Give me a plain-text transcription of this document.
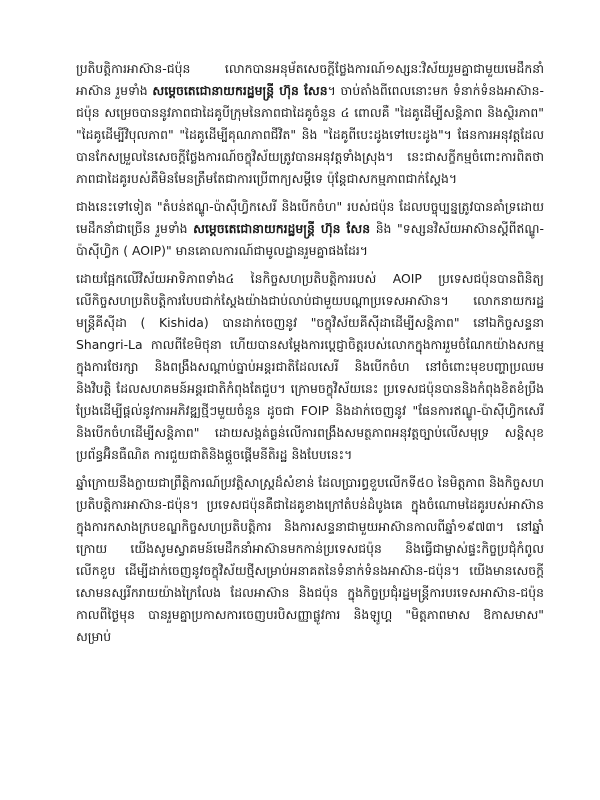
ប្រតិបត្តិការអាស៊ាន-ជប៉ុន លោកបានអនុម័តសេចក្តីថ្លែងការណ៍១ស្សនៈវិស័យរួមគ្នាជាមួយមេដឹកនាំអាស៊ាន រួមទាំង សម្តេចតេជោនាយករដ្ឋមន្ត្រី ហ៊ុន សែន។ ចាប់តាំងពីពេលនោះមក ទំនាក់ទំនងអាស៊ាន-ជប៉ុន សម្រេចបាននូវភាពជាដៃគូបីក្រុមនៃភាពជាដៃគូចំនួន ៤ ពោលគឺ "ដៃគូដើម្បីសន្តិភាព និងស្ថិរភាព" "ដៃគូដើម្បីវិបុលភាព" "ដៃគូដើម្បីគុណភាពជីវិត" និង "ដៃគូពីបេះដូងទៅបេះដូង"។ ផែនការអនុវត្តដែលបានកែសម្រួលនៃសេចក្តីថ្លែងការណ៍ចក្ខុវិស័យត្រូវបានអនុវត្តទាំងស្រុង។ នេះជាសក្ខីកម្មចំពោះការពិតថា ភាពជាដៃគូរបស់គឺមិនមែនត្រឹមតែជាការប្រើពាក្យសម្ដីទេ ប៉ុន្តែជាសកម្មភាពជាក់ស្ដែង។

ជាងនេះទៅទៀត "តំបន់ឥណ្ឌូ-ប៉ាស៊ីហ្វិកសេរី និងបើកចំហ" របស់ជប៉ុន ដែលបច្ចុប្បន្នត្រូវបានគាំទ្រដោយមេដឹកនាំជាច្រើន រួមទាំង សម្តេចតេជោនាយករដ្ឋមន្ត្រី ហ៊ុន សែន និង "ទស្សនវិស័យអាស៊ានស្តីពីឥណ្ឌូ-ប៉ាស៊ីហ្វិក ( AOIP)" មានគោលការណ៍ជាមូលដ្ឋានរួមគ្នាផងដែរ។

ដោយផ្អែកលើវិស័យអាទិភាពទាំង៤ នៃកិច្ចសហប្រតិបត្តិការរបស់ AOIP ប្រទេសជប៉ុនបានពិនិត្យលើកិច្ចសហប្រតិបត្តិការបែបជាក់ស្តែងយ៉ាងជាប់លាប់ជាមួយបណ្តាប្រទេសអាស៊ាន។ លោកនាយករដ្ឋមន្ត្រីគីស៊ីដា ( Kishida) បានដាក់ចេញនូវ "ចក្ខុវិស័យគីស៊ីដាដើម្បីសន្តិភាព" នៅឯកិច្ចសន្ទនា Shangri-La កាលពីខែមិថុនា ហើយបានសម្តែងការប្តេជ្ញាចិត្តរបស់លោកក្នុងការរួមចំណែកយ៉ាងសកម្មក្នុងការថែរក្សា និងពង្រឹងសណ្តាប់ធ្នាប់អន្តរជាតិដែលសេរី និងបើកចំហ នៅចំពោះមុខបញ្ហាប្រឈម និងវិបត្តិ ដែលសហគមន៍អន្តរជាតិកំពុងតែជួប។ ក្រោមចក្ខុវិស័យនេះ ប្រទេសជប៉ុនបាននិងកំពុងខិតខំប្រឹងប្រែងដើម្បីផ្តល់នូវការអភិវឌ្ឍថ្មីៗមួយចំនួន ដូចជា FOIP និងដាក់ចេញនូវ "ផែនការឥណ្ឌូ-ប៉ាស៊ីហ្វិកសេរី និងបើកចំហដើម្បីសន្តិភាព" ដោយសង្កត់ធ្ងន់លើការពង្រឹងសមត្ថភាពអនុវត្តច្បាប់លើសមុទ្រ សន្តិសុខប្រព័ន្ធអ៊ិនធឺណិត ការជួយជាតិនិងផ្តួចផ្តើមនីតិរដ្ឋ និងបែបនេះ។

ឆ្នាំក្រោយនឹងក្លាយជាព្រឹត្តិការណ៍ប្រវត្តិសាស្ត្រដ៏សំខាន់ ដែលប្រារព្ធខួបលើកទី៥០ នៃមិត្តភាព និងកិច្ចសហប្រតិបត្តិការអាស៊ាន-ជប៉ុន។ ប្រទេសជប៉ុនគឺជាដៃគូខាងក្រៅតំបន់ដំបូងគេ ក្នុងចំណោមដៃគូរបស់អាស៊ាន ក្នុងការកសាងក្របខណ្ឌកិច្ចសហប្រតិបត្តិការ និងការសន្ទនាជាមួយអាស៊ានកាលពីឆ្នាំ១៩៧៣។ នៅឆ្នាំក្រោយ យើងសូមស្វាគមន៍មេដឹកនាំអាស៊ានមកកាន់ប្រទេសជប៉ុន និងធ្វើជាម្ចាស់ផ្ទះកិច្ចប្រជុំកំពូលលើកខួប ដើម្បីដាក់ចេញនូវចក្ខុវិស័យថ្មីសម្រាប់អនាគតនៃទំនាក់ទំនងអាស៊ាន-ជប៉ុន។ យើងមានសេចក្តីសោមនស្សរីករាយយ៉ាងក្រៃលែង ដែលអាស៊ាន និងជប៉ុន ក្នុងកិច្ចប្រជុំរដ្ឋមន្ត្រីការបរទេសអាស៊ាន-ជប៉ុនកាលពីថ្ងៃមុន បានរួមគ្នាប្រកាសការចេញបរបិសញ្ញាផ្លូវការ និងឡូហ្គ "មិត្តភាពមាស ឱកាសមាស" សម្រាប់
